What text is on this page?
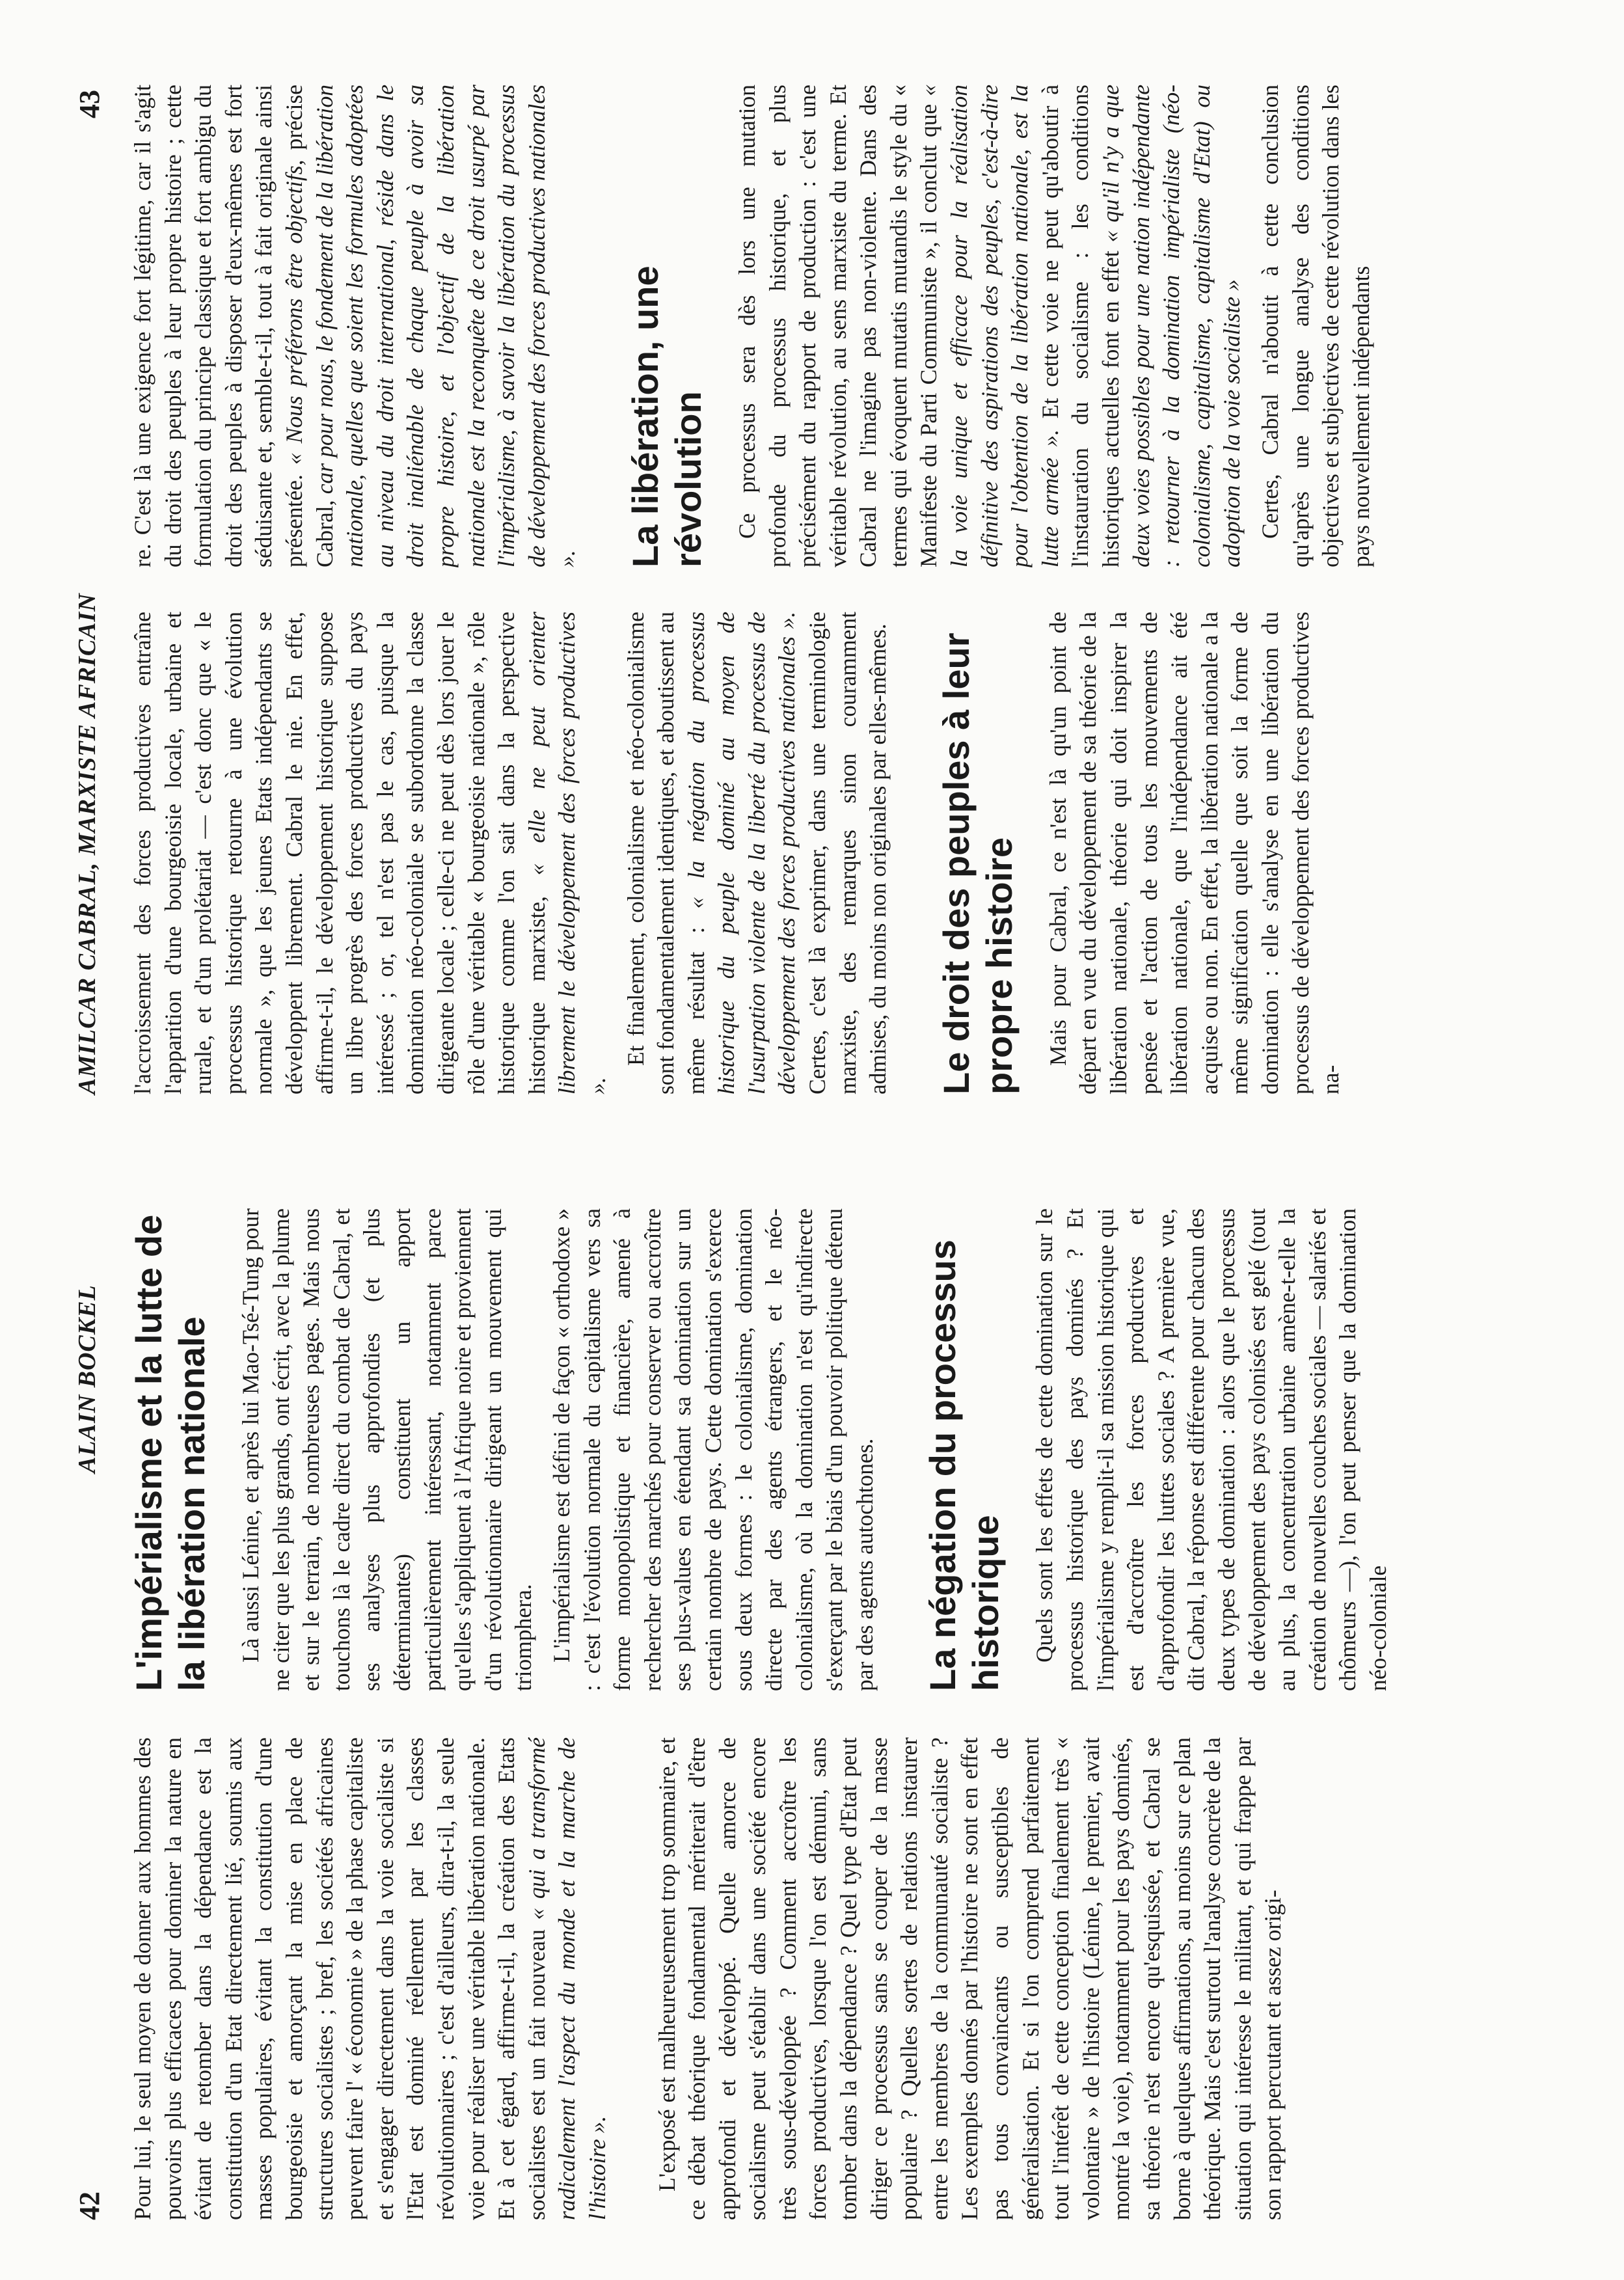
42
ALAIN BOCKEL

Pour lui, le seul moyen de donner aux hommes des pouvoirs plus efficaces pour dominer la nature en évitant de retomber dans la dépendance est la constitution d'un Etat directement lié, soumis aux masses populaires, évitant la constitution d'une bourgeoisie et amorçant la mise en place de structures socialistes ; bref, les sociétés africaines peuvent faire l' « économie » de la phase capitaliste et s'engager directement dans la voie socialiste si l'Etat est dominé réellement par les classes révolutionnaires ; c'est d'ailleurs, dira-t-il, la seule voie pour réaliser une véritable libération nationale. Et à cet égard, affirme-t-il, la création des Etats socialistes est un fait nouveau « qui a transformé radicalement l'aspect du monde et la marche de l'histoire ». L'exposé est malheureusement trop sommaire, et ce débat théorique fondamental mériterait d'être approfondi et développé. Quelle amorce de socialisme peut s'établir dans une société encore très sous-développée ? Comment accroître les forces productives, lorsque l'on est démuni, sans tomber dans la dépendance ? Quel type d'Etat peut diriger ce processus sans se couper de la masse populaire ? Quelles sortes de relations instaurer entre les membres de la communauté socialiste ? Les exemples donnés par l'histoire ne sont en effet pas tous convaincants ou susceptibles de généralisation. Et si l'on comprend parfaitement tout l'intérêt de cette conception finalement très « volontaire » de l'histoire (Lénine, le premier, avait montré la voie), notamment pour les pays dominés, sa théorie n'est encore qu'esquissée, et Cabral se borne à quelques affirmations, au moins sur ce plan théorique. Mais c'est surtout l'analyse concrète de la situation qui intéresse le militant, et qui frappe par son rapport percutant et assez origi-

L'impérialisme et la lutte de la libération nationale Là aussi Lénine, et après lui Mao-Tsé-Tung pour ne citer que les plus grands, ont écrit, avec la plume et sur le terrain, de nombreuses pages. Mais nous touchons là le cadre direct du combat de Cabral, et ses analyses plus approfondies (et plus déterminantes) constituent un apport particulièrement intéressant, notamment parce qu'elles s'appliquent à l'Afrique noire et proviennent d'un révolutionnaire dirigeant un mouvement qui triomphera. L'impérialisme est défini de façon « orthodoxe » : c'est l'évolution normale du capitalisme vers sa forme monopolistique et financière, amené à rechercher des marchés pour conserver ou accroître ses plus-values en étendant sa domination sur un certain nombre de pays. Cette domination s'exerce sous deux formes : le colonialisme, domination directe par des agents étrangers, et le néo-colonialisme, où la domination n'est qu'indirecte s'exerçant par le biais d'un pouvoir politique détenu par des agents autochtones. La négation du processus historique Quels sont les effets de cette domination sur le processus historique des pays dominés ? Et l'impérialisme y remplit-il sa mission historique qui est d'accroître les forces productives et d'approfondir les luttes sociales ? A première vue, dit Cabral, la réponse est différente pour chacun des deux types de domination : alors que le processus de développement des pays colonisés est gelé (tout au plus, la concentration urbaine amène-t-elle la création de nouvelles couches sociales — salariés et chômeurs —), l'on peut penser que la domination néo-coloniale

AMILCAR CABRAL, MARXISTE AFRICAIN
43

l'accroissement des forces productives entraîne l'apparition d'une bourgeoisie locale, urbaine et rurale, et d'un prolétariat — c'est donc que « le processus historique retourne à une évolution normale », que les jeunes Etats indépendants se développent librement. Cabral le nie. En effet, affirme-t-il, le développement historique suppose un libre progrès des forces productives du pays intéressé ; or, tel n'est pas le cas, puisque la domination néo-coloniale se subordonne la classe dirigeante locale ; celle-ci ne peut dès lors jouer le rôle d'une véritable « bourgeoisie nationale », rôle historique comme l'on sait dans la perspective historique marxiste, « elle ne peut orienter librement le développement des forces productives ».

Et finalement, colonialisme et néo-colonialisme sont fondamentalement identiques, et aboutissent au même résultat : « la négation du processus historique du peuple dominé au moyen de l'usurpation violente de la liberté du processus de développement des forces productives nationales ». Certes, c'est là exprimer, dans une terminologie marxiste, des remarques sinon couramment admises, du moins non originales par elles-mêmes. Le droit des peuples à leur propre histoire Mais pour Cabral, ce n'est là qu'un point de départ en vue du développement de sa théorie de la libération nationale, théorie qui doit inspirer la pensée et l'action de tous les mouvements de libération nationale, que l'indépendance ait été acquise ou non. En effet, la libération nationale a la même signification quelle que soit la forme de domination : elle s'analyse en une libération du processus de développement des forces productives na-

re. C'est là une exigence fort légitime, car il s'agit du droit des peuples à leur propre histoire ; cette formulation du principe classique et fort ambigu du droit des peuples à disposer d'eux-mêmes est fort séduisante et, semble-t-il, tout à fait originale ainsi présentée. « Nous préférons être objectifs, précise Cabral, car pour nous, le fondement de la libération nationale, quelles que soient les formules adoptées au niveau du droit international, réside dans le droit inaliénable de chaque peuple à avoir sa propre histoire, et l'objectif de la libération nationale est la reconquête de ce droit usurpé par l'impérialisme, à savoir la libération du processus de développement des forces productives nationales ». La libération, une révolution Ce processus sera dès lors une mutation profonde du processus historique, et plus précisément du rapport de production : c'est une véritable révolution, au sens marxiste du terme. Et Cabral ne l'imagine pas non-violente. Dans des termes qui évoquent mutatis mutandis le style du « Manifeste du Parti Communiste », il conclut que « la voie unique et efficace pour la réalisation définitive des aspirations des peuples, c'est-à-dire pour l'obtention de la libération nationale, est la lutte armée ». Et cette voie ne peut qu'aboutir à l'instauration du socialisme : les conditions historiques actuelles font en effet « qu'il n'y a que deux voies possibles pour une nation indépendante : retourner à la domination impérialiste (néo-colonialisme, capitalisme, capitalisme d'Etat) ou adoption de la voie socialiste » Certes, Cabral n'aboutit à cette conclusion qu'après une longue analyse des conditions objectives et subjectives de cette révolution dans les pays nouvellement indépendants
